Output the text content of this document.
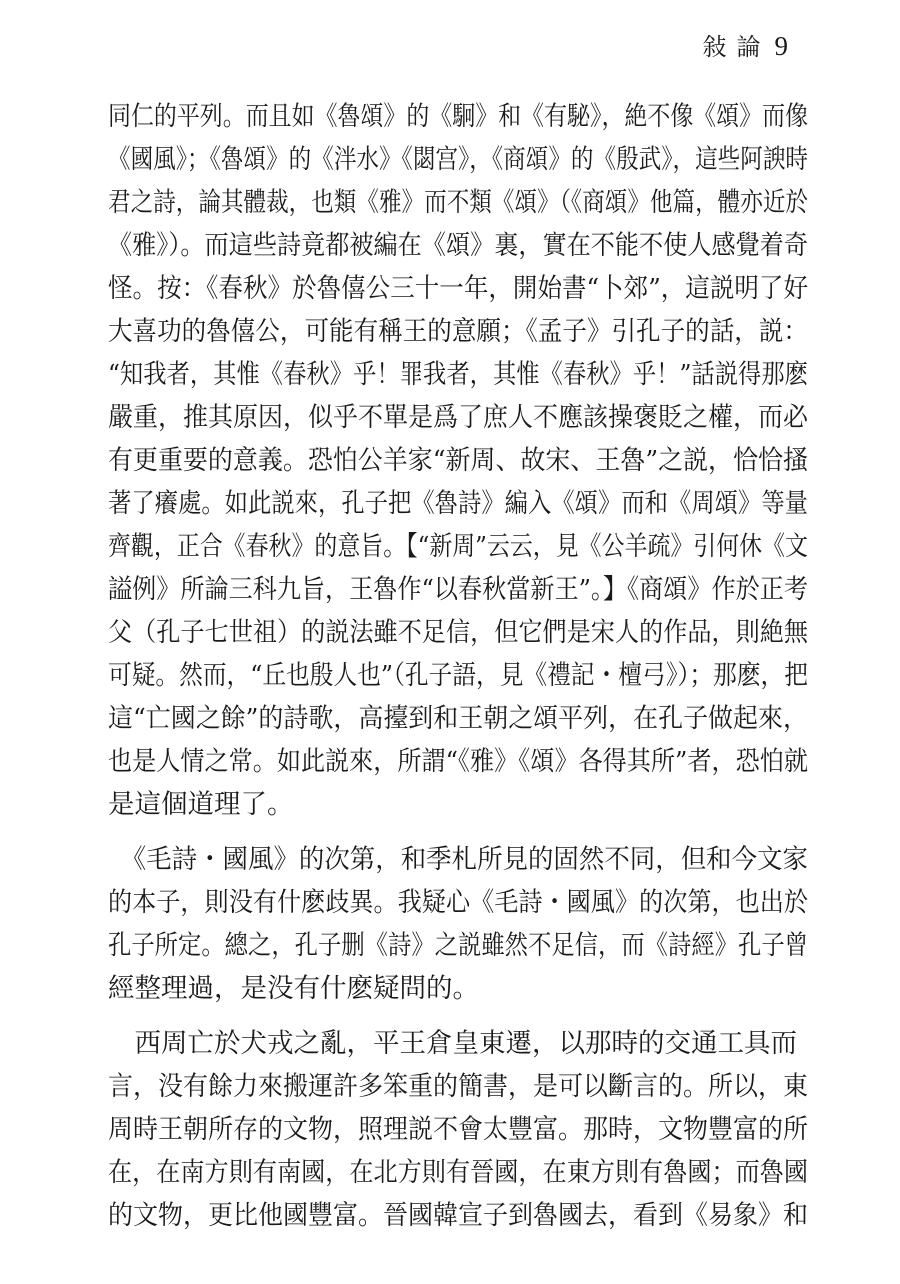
敍論 9

同仁的平列。而且如《魯頌》的《駉》和《有駜》，絶不像《頌》而像
《國風》；《魯頌》的《泮水》《閟宫》，《商頌》的《殷武》，這些阿諛時
君之詩，論其體裁，也類《雅》而不類《頌》（《商頌》他篇，體亦近於
《雅》）。而這些詩竟都被編在《頌》裏，實在不能不使人感覺着奇
怪。按：《春秋》於魯僖公三十一年，開始書“卜郊”，這説明了好
大喜功的魯僖公，可能有稱王的意願；《孟子》引孔子的話，説：
“知我者，其惟《春秋》乎！罪我者，其惟《春秋》乎！”話説得那麽
嚴重，推其原因，似乎不單是爲了庶人不應該操褒貶之權，而必
有更重要的意義。恐怕公羊家“新周、故宋、王魯”之説，恰恰搔
著了癢處。如此説來，孔子把《魯詩》編入《頌》而和《周頌》等量
齊觀，正合《春秋》的意旨。【“新周”云云，見《公羊疏》引何休《文
謚例》所論三科九旨，王魯作“以春秋當新王”。】《商頌》作於正考
父（孔子七世祖）的説法雖不足信，但它們是宋人的作品，則絶無
可疑。然而，“丘也殷人也”（孔子語，見《禮記・檀弓》）；那麽，把
這“亡國之餘”的詩歌，高擡到和王朝之頌平列，在孔子做起來，
也是人情之常。如此説來，所謂“《雅》《頌》各得其所”者，恐怕就
是這個道理了。

　《毛詩・國風》的次第，和季札所見的固然不同，但和今文家
的本子，則没有什麽歧異。我疑心《毛詩・國風》的次第，也出於
孔子所定。總之，孔子删《詩》之説雖然不足信，而《詩經》孔子曾
經整理過，是没有什麽疑問的。

　西周亡於犬戎之亂，平王倉皇東遷，以那時的交通工具而
言，没有餘力來搬運許多笨重的簡書，是可以斷言的。所以，東
周時王朝所存的文物，照理説不會太豐富。那時，文物豐富的所
在，在南方則有南國，在北方則有晉國，在東方則有魯國；而魯國
的文物，更比他國豐富。晉國韓宣子到魯國去，看到《易象》和
